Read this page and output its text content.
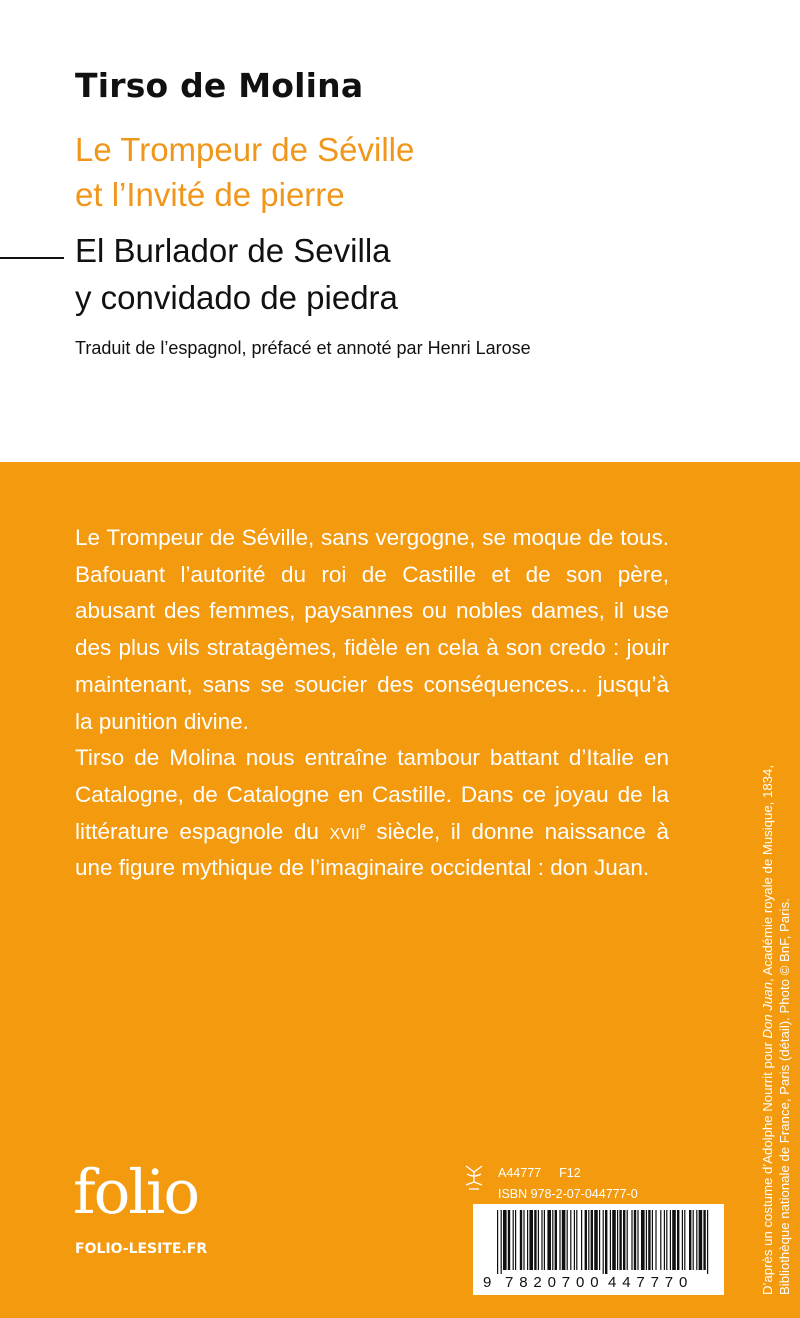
Tirso de Molina
Le Trompeur de Séville
et l’Invité de pierre
El Burlador de Sevilla
y convidado de piedra
Traduit de l’espagnol, préfacé et annoté par Henri Larose

Le Trompeur de Séville, sans vergogne, se moque de tous. Bafouant l’autorité du roi de Castille et de son père, abusant des femmes, paysannes ou nobles dames, il use des plus vils stratagèmes, fidèle en cela à son credo : jouir maintenant, sans se soucier des conséquences... jusqu’à la punition divine.

Tirso de Molina nous entraîne tambour battant d’Italie en Catalogne, de Catalogne en Castille. Dans ce joyau de la littérature espagnole du xvii$^e$ siècle, il donne naissance à une figure mythique de l’imaginaire occidental : don Juan.

D’après un costume d’Adolphe Nourrit pour Don Juan, Académie royale de Musique, 1834,
Bibliothèque nationale de France, Paris (détail). Photo © BnF, Paris.
folio
FOLIO-LESITE.FR
A44777 F12
ISBN 978-2-07-044777-0
9 7 8 2 0 7 0 0 4 4 7 7 7 0
